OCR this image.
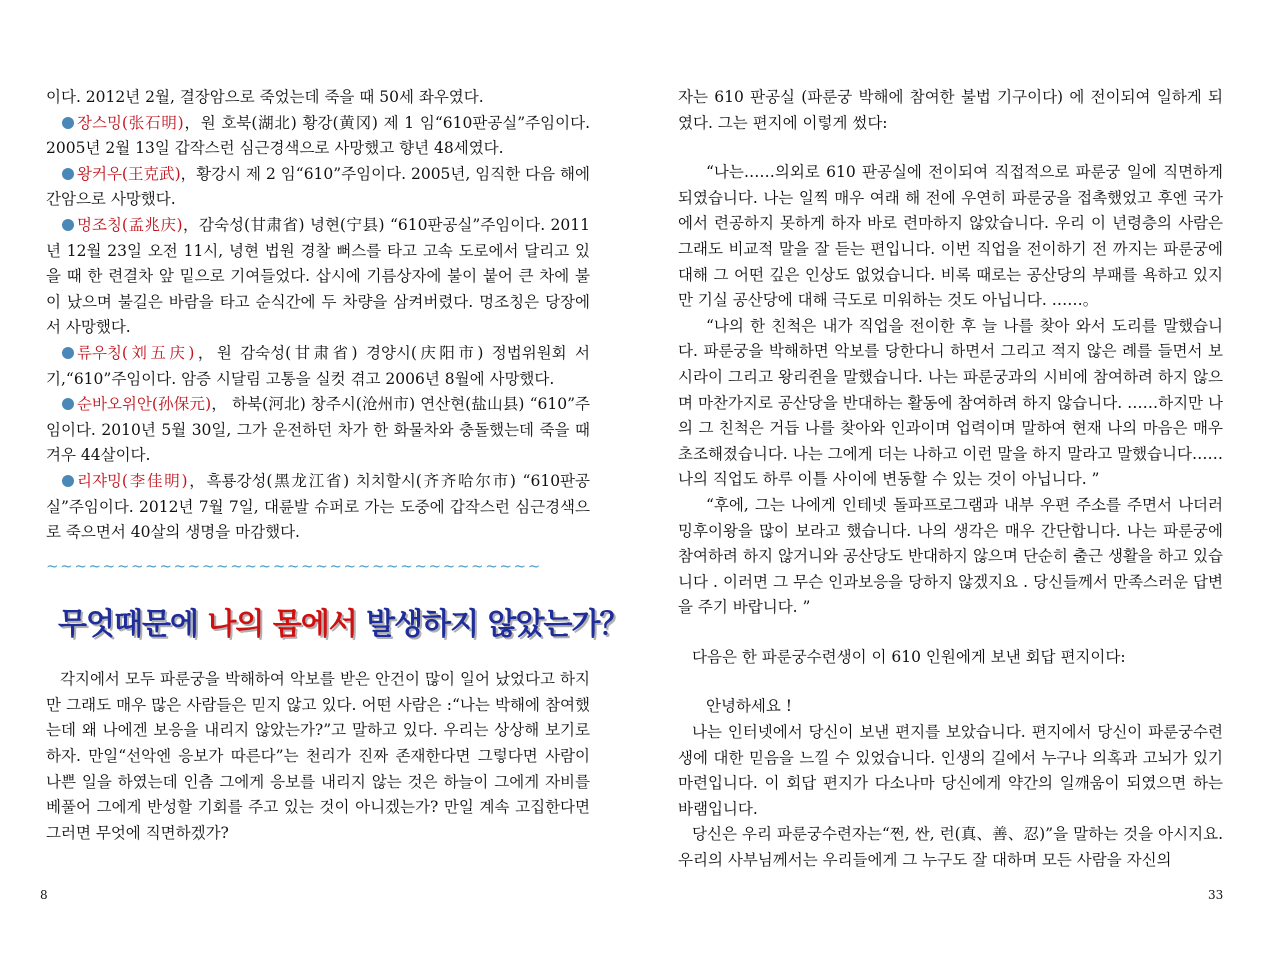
이다. 2012년 2월, 결장암으로 죽었는데 죽을 때 50세 좌우였다.

장스밍(张石明)，원 호북(湖北) 황강(黄冈) 제 1 임“610판공실”주임이다. 2005년 2월 13일 갑작스런 심근경색으로 사망했고 향년 48세였다.

왕커우(王克武)，황강시 제 2 임“610”주임이다. 2005년, 임직한 다음 해에 간암으로 사망했다.

멍조칭(孟兆庆)，감숙성(甘肃省) 녕현(宁县) “610판공실”주임이다. 2011년 12월 23일 오전 11시, 녕현 법원 경찰 뻐스를 타고 고속 도로에서 달리고 있을 때 한 련결차 앞 밑으로 기여들었다. 삽시에 기름상자에 불이 붙어 큰 차에 불이 났으며 불길은 바람을 타고 순식간에 두 차량을 삼켜버렸다. 멍조칭은 당장에서 사망했다.

류우칭(刘五庆)，원 감숙성(甘肃省) 경양시(庆阳市) 정법위원회 서기,“610”주임이다. 암증 시달림 고통을 실컷 겪고 2006년 8월에 사망했다.

순바오위안(孙保元)， 하북(河北) 창주시(沧州市) 연산현(盐山县) “610”주임이다. 2010년 5월 30일, 그가 운전하던 차가 한 화물차와 충돌했는데 죽을 때 겨우 44살이다.

리쟈밍(李佳明)，흑룡강성(黑龙江省) 치치할시(齐齐哈尔市) “610판공실”주임이다. 2012년 7월 7일, 대륜발 슈퍼로 가는 도중에 갑작스런 심근경색으로 죽으면서 40살의 생명을 마감했다.

~~~~~~~~~~~~~~~~~~~~~~~~~~~~~~~~~~~
무엇때문에 나의 몸에서 발생하지 않았는가？

각지에서 모두 파룬궁을 박해하여 악보를 받은 안건이 많이 일어 났었다고 하지만 그래도 매우 많은 사람들은 믿지 않고 있다. 어떤 사람은 :“나는 박해에 참여했는데 왜 나에겐 보응을 내리지 않았는가?”고 말하고 있다. 우리는 상상해 보기로 하자. 만일“선악엔 응보가 따른다”는 천리가 진짜 존재한다면 그렇다면 사람이 나쁜 일을 하였는데 인츰 그에게 응보를 내리지 않는 것은 하늘이 그에게 자비를 베풀어 그에게 반성할 기회를 주고 있는 것이 아니겠는가? 만일 계속 고집한다면 그러면 무엇에 직면하겠가?

8

자는 610 판공실 (파룬궁 박해에 참여한 불법 기구이다) 에 전이되여 일하게 되였다. 그는 편지에 이렇게 썼다:

“나는……의외로 610 판공실에 전이되여 직접적으로 파룬궁 일에 직면하게 되였습니다. 나는 일찍 매우 여래 해 전에 우연히 파룬궁을 접촉했었고 후엔 국가에서 련공하지 못하게 하자 바로 련마하지 않았습니다. 우리 이 년령층의 사람은 그래도 비교적 말을 잘 듣는 편입니다. 이번 직업을 전이하기 전 까지는 파룬궁에 대해 그 어떤 깊은 인상도 없었습니다. 비록 때로는 공산당의 부패를 욕하고 있지만 기실 공산당에 대해 극도로 미워하는 것도 아닙니다. ……。

“나의 한 친척은 내가 직업을 전이한 후 늘 나를 찾아 와서 도리를 말했습니다. 파룬궁을 박해하면 악보를 당한다니 하면서 그리고 적지 않은 례를 들면서 보시라이 그리고 왕리쥔을 말했습니다. 나는 파룬궁과의 시비에 참여하려 하지 않으며 마찬가지로 공산당을 반대하는 활동에 참여하려 하지 않습니다. ……하지만 나의 그 친척은 거듭 나를 찾아와 인과이며 업력이며 말하여 현재 나의 마음은 매우 초조해졌습니다. 나는 그에게 더는 나하고 이런 말을 하지 말라고 말했습니다……나의 직업도 하루 이틀 사이에 변동할 수 있는 것이 아닙니다. ”

“후에, 그는 나에게 인테넷 돌파프로그램과 내부 우편 주소를 주면서 나더러 밍후이왕을 많이 보라고 했습니다. 나의 생각은 매우 간단합니다. 나는 파룬궁에 참여하려 하지 않거니와 공산당도 반대하지 않으며 단순히 출근 생활을 하고 있습니다 . 이러면 그 무슨 인과보응을 당하지 않겠지요 . 당신들께서 만족스러운 답변을 주기 바랍니다. ”

다음은 한 파룬궁수련생이 이 610 인원에게 보낸 회답 편지이다:

안녕하세요 !

나는 인터넷에서 당신이 보낸 편지를 보았습니다. 편지에서 당신이 파룬궁수련생에 대한 믿음을 느낄 수 있었습니다. 인생의 길에서 누구나 의혹과 고뇌가 있기 마련입니다. 이 회답 편지가 다소나마 당신에게 약간의 일깨움이 되였으면 하는 바램입니다.

당신은 우리 파룬궁수련자는“쩐, 싼, 런(真、善、忍)”을 말하는 것을 아시지요. 우리의 사부님께서는 우리들에게 그 누구도 잘 대하며 모든 사람을 자신의

33
